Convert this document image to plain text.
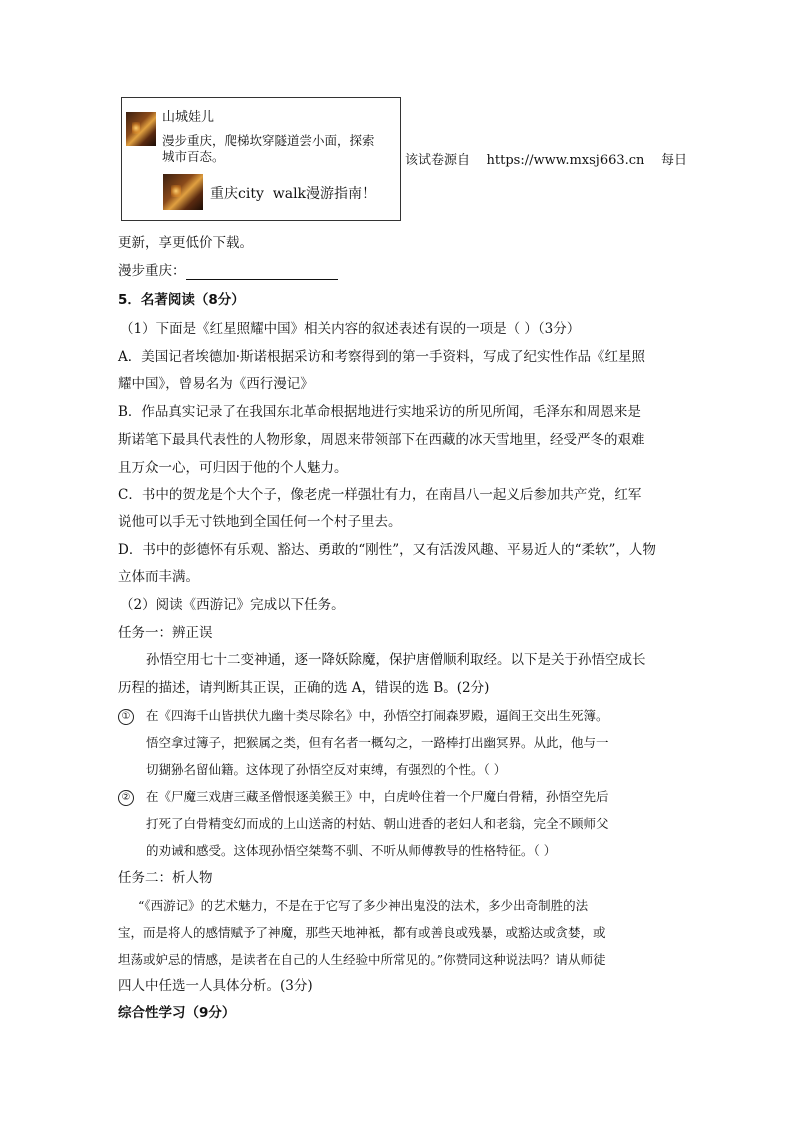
山城娃儿
漫步重庆，爬梯坎穿隧道尝小面，探索
城市百态。
重庆city  walk漫游指南！
该试卷源自    https://www.mxsj663.cn    每日
更新，享更低价下载。
漫步重庆：
5．名著阅读（8分）
（1）下面是《红星照耀中国》相关内容的叙述表述有误的一项是（ ）（3分）
A．美国记者埃德加·斯诺根据采访和考察得到的第一手资料，写成了纪实性作品《红星照
耀中国》，曾易名为《西行漫记》
B．作品真实记录了在我国东北革命根据地进行实地采访的所见所闻，毛泽东和周恩来是
斯诺笔下最具代表性的人物形象，周恩来带领部下在西藏的冰天雪地里，经受严冬的艰难
且万众一心，可归因于他的个人魅力。
C．书中的贺龙是个大个子，像老虎一样强壮有力，在南昌八一起义后参加共产党，红军
说他可以手无寸铁地到全国任何一个村子里去。
D．书中的彭德怀有乐观、豁达、勇敢的“刚性”，又有活泼风趣、平易近人的“柔软”，人物
立体而丰满。
（2）阅读《西游记》完成以下任务。
任务一：辨正误
孙悟空用七十二变神通，逐一降妖除魔，保护唐僧顺利取经。以下是关于孙悟空成长
历程的描述，请判断其正误，正确的选 A，错误的选 B。(2分)
① 在《四海千山皆拱伏九幽十类尽除名》中，孙悟空打闹森罗殿，逼阎王交出生死簿。
悟空拿过簿子，把猴属之类，但有名者一概勾之，一路棒打出幽冥界。从此，他与一
切猢狲名留仙籍。这体现了孙悟空反对束缚，有强烈的个性。（ ）
② 在《尸魔三戏唐三藏圣僧恨逐美猴王》中，白虎岭住着一个尸魔白骨精，孙悟空先后
打死了白骨精变幻而成的上山送斋的村姑、朝山进香的老妇人和老翁，完全不顾师父
的劝诫和感受。这体现孙悟空桀骜不驯、不听从师傅教导的性格特征。（ ）
任务二：析人物
“《西游记》的艺术魅力，不是在于它写了多少神出鬼没的法术，多少出奇制胜的法
宝，而是将人的感情赋予了神魔，那些天地神袛，都有或善良或残暴，或豁达或贪婪，或
坦荡或妒忌的情感，是读者在自己的人生经验中所常见的。”你赞同这种说法吗？请从师徒
四人中任选一人具体分析。(3分)
综合性学习（9分）
